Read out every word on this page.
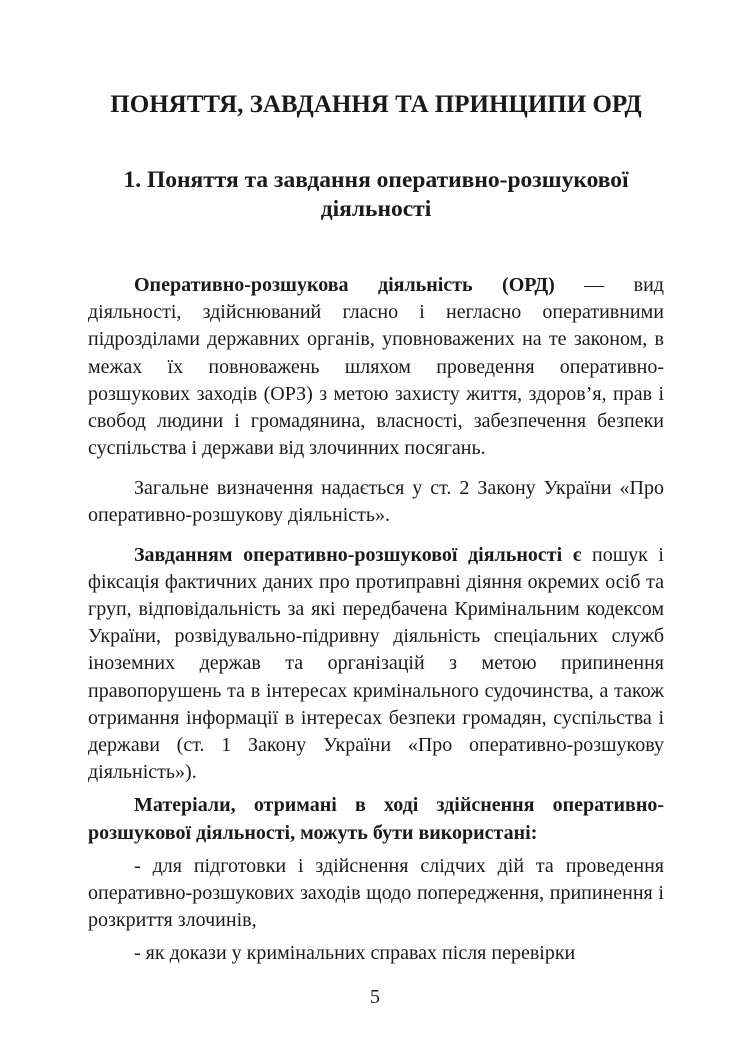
ПОНЯТТЯ, ЗАВДАННЯ ТА ПРИНЦИПИ ОРД
1. Поняття та завдання оперативно-розшукової
діяльності

Оперативно-розшукова діяльність (ОРД) — вид діяльності, здійснюваний гласно і негласно оперативними підрозділами державних органів, уповноважених на те законом, в межах їх повноважень шляхом проведення оперативно-розшукових заходів (ОРЗ) з метою захисту життя, здоров’я, прав і свобод людини і громадянина, власності, забезпечення безпеки суспільства і держави від злочинних посягань.

Загальне визначення надається у ст. 2 Закону України «Про оперативно-розшукову діяльність».

Завданням оперативно-розшукової діяльності є пошук і фіксація фактичних даних про протиправні діяння окремих осіб та груп, відповідальність за які передбачена Кримінальним кодексом України, розвідувально-підривну діяльність спеціальних служб іноземних держав та організацій з метою припинення правопорушень та в інтересах кримінального судочинства, а також отримання інформації в інтересах безпеки громадян, суспільства і держави (ст. 1 Закону України «Про оперативно-розшукову діяльність»).

Матеріали, отримані в ході здійснення оперативно-розшукової діяльності, можуть бути використані:

- для підготовки і здійснення слідчих дій та проведення оперативно-розшукових заходів щодо попередження, припинення і розкриття злочинів,

- як докази у кримінальних справах після перевірки

5
